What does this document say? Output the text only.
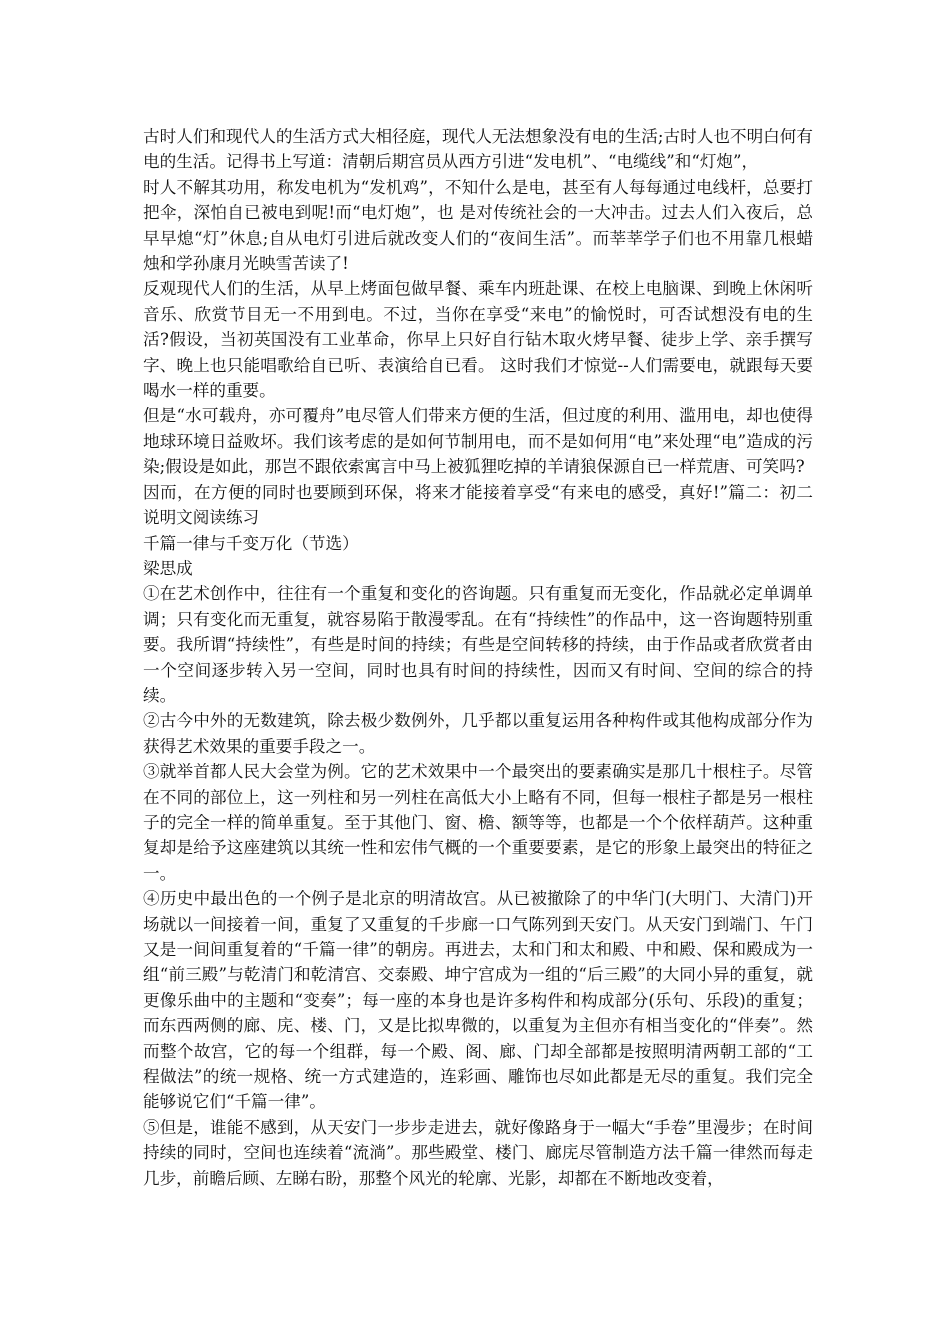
古时人们和现代人的生活方式大相径庭，现代人无法想象没有电的生活;古时人也不明白何有电的生活。记得书上写道：清朝后期宫员从西方引进“发电机”、“电缆线”和“灯炮”，

时人不解其功用，称发电机为“发机鸡”，不知什么是电，甚至有人每每通过电线杆，总要打把伞，深怕自已被电到呢!而“电灯炮”，也 是对传统社会的一大冲击。过去人们入夜后，总早早熄“灯”休息;自从电灯引进后就改变人们的“夜间生活”。而莘莘学子们也不用靠几根蜡烛和学孙康月光映雪苦读了!

反观现代人们的生活，从早上烤面包做早餐、乘车内班赴课、在校上电脑课、到晚上休闲听音乐、欣赏节目无一不用到电。不过，当你在享受“来电”的愉悦时，可否试想没有电的生活?假设，当初英国没有工业革命，你早上只好自行钻木取火烤早餐、徒步上学、亲手撰写字、晚上也只能唱歌给自已听、表演给自已看。 这时我们才惊觉--人们需要电，就跟每天要喝水一样的重要。

但是“水可载舟，亦可覆舟”电尽管人们带来方便的生活，但过度的利用、滥用电，却也使得地球环境日益败坏。我们该考虑的是如何节制用电，而不是如何用“电”来处理“电”造成的污染;假设是如此，那岂不跟依索寓言中马上被狐狸吃掉的羊请狼保源自已一样荒唐、可笑吗?

因而，在方便的同时也要顾到环保，将来才能接着享受“有来电的感受，真好!”篇二：初二说明文阅读练习

千篇一律与千变万化（节选）

梁思成

①在艺术创作中，往往有一个重复和变化的咨询题。只有重复而无变化，作品就必定单调单调；只有变化而无重复，就容易陷于散漫零乱。在有“持续性”的作品中，这一咨询题特别重要。我所谓“持续性”，有些是时间的持续；有些是空间转移的持续，由于作品或者欣赏者由一个空间逐步转入另一空间，同时也具有时间的持续性，因而又有时间、空间的综合的持续。

②古今中外的无数建筑，除去极少数例外，几乎都以重复运用各种构件或其他构成部分作为获得艺术效果的重要手段之一。

③就举首都人民大会堂为例。它的艺术效果中一个最突出的要素确实是那几十根柱子。尽管在不同的部位上，这一列柱和另一列柱在高低大小上略有不同，但每一根柱子都是另一根柱子的完全一样的简单重复。至于其他门、窗、檐、额等等，也都是一个个依样葫芦。这种重复却是给予这座建筑以其统一性和宏伟气概的一个重要要素，是它的形象上最突出的特征之一。

④历史中最出色的一个例子是北京的明清故宫。从已被撤除了的中华门(大明门、大清门)开场就以一间接着一间，重复了又重复的千步廊一口气陈列到天安门。从天安门到端门、午门又是一间间重复着的“千篇一律”的朝房。再进去，太和门和太和殿、中和殿、保和殿成为一组“前三殿”与乾清门和乾清宫、交泰殿、坤宁宫成为一组的“后三殿”的大同小异的重复，就更像乐曲中的主题和“变奏”；每一座的本身也是许多构件和构成部分(乐句、乐段)的重复；而东西两侧的廊、庑、楼、门，又是比拟卑微的，以重复为主但亦有相当变化的“伴奏”。然而整个故宫，它的每一个组群，每一个殿、阁、廊、门却全部都是按照明清两朝工部的“工程做法”的统一规格、统一方式建造的，连彩画、雕饰也尽如此都是无尽的重复。我们完全能够说它们“千篇一律”。

⑤但是，谁能不感到，从天安门一步步走进去，就好像路身于一幅大“手卷”里漫步；在时间持续的同时，空间也连续着“流淌”。那些殿堂、楼门、廊庑尽管制造方法千篇一律然而每走几步，前瞻后顾、左睇右盼，那整个风光的轮廓、光影，却都在不断地改变着，
